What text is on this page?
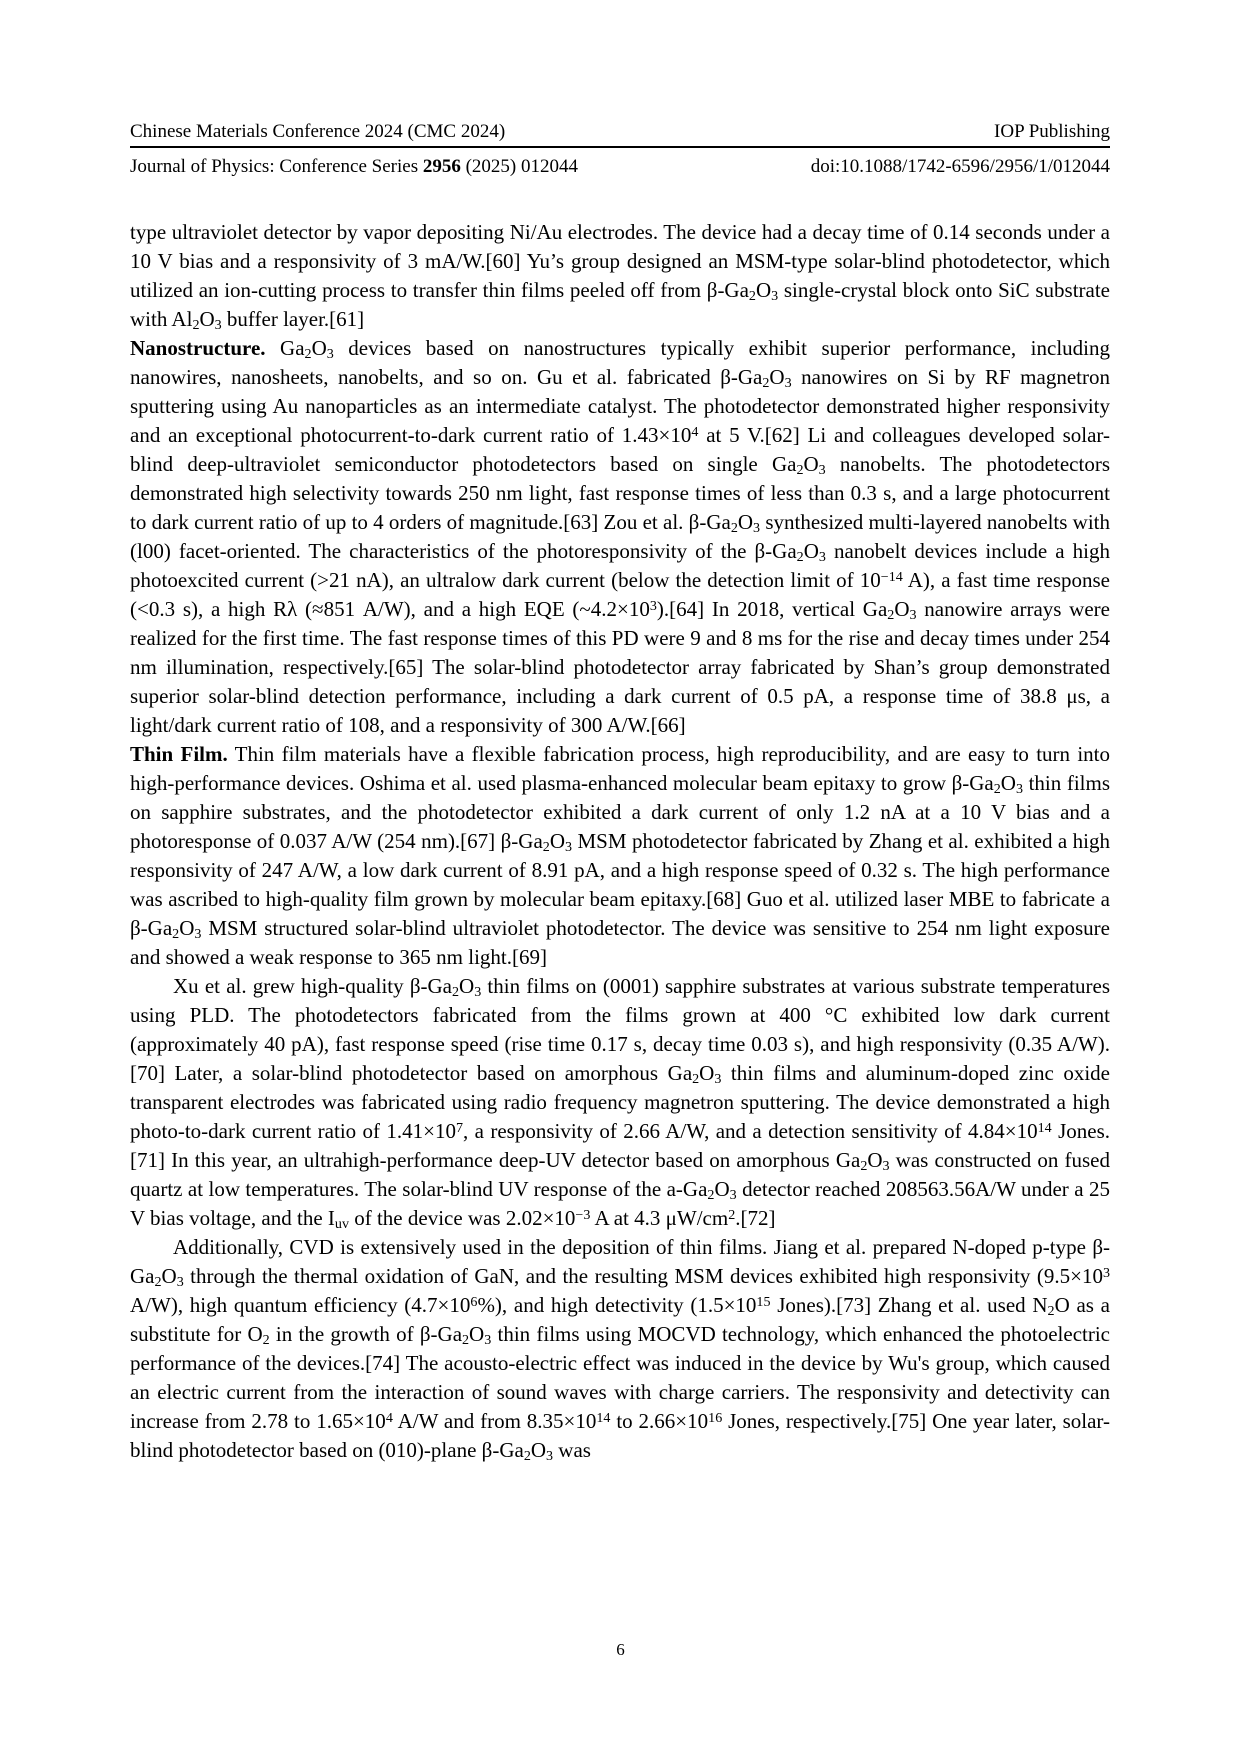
Chinese Materials Conference 2024 (CMC 2024)	IOP Publishing
Journal of Physics: Conference Series 2956 (2025) 012044	doi:10.1088/1742-6596/2956/1/012044

type ultraviolet detector by vapor depositing Ni/Au electrodes. The device had a decay time of 0.14 seconds under a 10 V bias and a responsivity of 3 mA/W.[60] Yu’s group designed an MSM-type solar-blind photodetector, which utilized an ion-cutting process to transfer thin films peeled off from $\beta-Ga_2O_3$ single-crystal block onto SiC substrate with $Al_2O_3$ buffer layer.[61]

Nanostructure. $Ga_2O_3$ devices based on nanostructures typically exhibit superior performance, including nanowires, nanosheets, nanobelts, and so on. Gu et al. fabricated $\beta-Ga_2O_3$ nanowires on Si by RF magnetron sputtering using Au nanoparticles as an intermediate catalyst. The photodetector demonstrated higher responsivity and an exceptional photocurrent-to-dark current ratio of $1.43\times 10^4$ at 5 V.[62] Li and colleagues developed solar-blind deep-ultraviolet semiconductor photodetectors based on single $Ga_2O_3$ nanobelts. The photodetectors demonstrated high selectivity towards 250 nm light, fast response times of less than 0.3 s, and a large photocurrent to dark current ratio of up to 4 orders of magnitude.[63] Zou et al. $\beta-Ga_2O_3$ synthesized multi-layered nanobelts with (l00) facet-oriented. The characteristics of the photoresponsivity of the $\beta-Ga_2O_3$ nanobelt devices include a high photoexcited current (>21 nA), an ultralow dark current (below the detection limit of $10^{-14}$ A), a fast time response (<0.3 s), a high Rλ (≈851 A/W), and a high EQE $(\sim 4.2\times 10^3).[64]$ In 2018, vertical $Ga_2O_3$ nanowire arrays were realized for the first time. The fast response times of this PD were 9 and 8 ms for the rise and decay times under 254 nm illumination, respectively.[65] The solar-blind photodetector array fabricated by Shan’s group demonstrated superior solar-blind detection performance, including a dark current of 0.5 pA, a response time of 38.8 μs, a light/dark current ratio of 108, and a responsivity of 300 A/W.[66]

Thin Film. Thin film materials have a flexible fabrication process, high reproducibility, and are easy to turn into high-performance devices. Oshima et al. used plasma-enhanced molecular beam epitaxy to grow $\beta-Ga_2O_3$ thin films on sapphire substrates, and the photodetector exhibited a dark current of only 1.2 nA at a 10 V bias and a photoresponse of 0.037 A/W (254 nm).[67] $\beta-Ga_2O_3$ MSM photodetector fabricated by Zhang et al. exhibited a high responsivity of 247 A/W, a low dark current of 8.91 pA, and a high response speed of 0.32 s. The high performance was ascribed to high-quality film grown by molecular beam epitaxy.[68] Guo et al. utilized laser MBE to fabricate a $\beta-Ga_2O_3$ MSM structured solar-blind ultraviolet photodetector. The device was sensitive to 254 nm light exposure and showed a weak response to 365 nm light.[69]

Xu et al. grew high-quality $\beta-Ga_2O_3$ thin films on (0001) sapphire substrates at various substrate temperatures using PLD. The photodetectors fabricated from the films grown at 400 °C exhibited low dark current (approximately 40 pA), fast response speed (rise time 0.17 s, decay time 0.03 s), and high responsivity (0.35 A/W).[70] Later, a solar-blind photodetector based on amorphous $Ga_2O_3$ thin films and aluminum-doped zinc oxide transparent electrodes was fabricated using radio frequency magnetron sputtering. The device demonstrated a high photo-to-dark current ratio of $1.41\times 10^7$, a responsivity of 2.66 A/W, and a detection sensitivity of $4.84\times 10^{14}$ Jones.[71] In this year, an ultrahigh-performance deep-UV detector based on amorphous $Ga_2O_3$ was constructed on fused quartz at low temperatures. The solar-blind UV response of the $a-Ga_2O_3$ detector reached 208563.56A/W under a 25 V bias voltage, and the $I_{uv}$ of the device was $2.02\times 10^{-3}$ A at 4.3 $\mu W/cm^2.[72]$

Additionally, CVD is extensively used in the deposition of thin films. Jiang et al. prepared N-doped p-type $\beta-Ga_2O_3$ through the thermal oxidation of GaN, and the resulting MSM devices exhibited high responsivity ($9.5\times 10^3$ A/W), high quantum efficiency $(4.7\times 10^6\%)$, and high detectivity ($1.5\times 10^{15}$ Jones).[73] Zhang et al. used $N_2O$ as a substitute for $O_2$ in the growth of $\beta-Ga_2O_3$ thin films using MOCVD technology, which enhanced the photoelectric performance of the devices.[74] The acousto-electric effect was induced in the device by Wu's group, which caused an electric current from the interaction of sound waves with charge carriers. The responsivity and detectivity can increase from 2.78 to $1.65\times 10^4$ A/W and from $8.35\times 10^{14}$ to $2.66\times 10^{16}$ Jones, respectively.[75] One year later, solar-blind photodetector based on (010)-plane $\beta-Ga_2O_3$ was

6
